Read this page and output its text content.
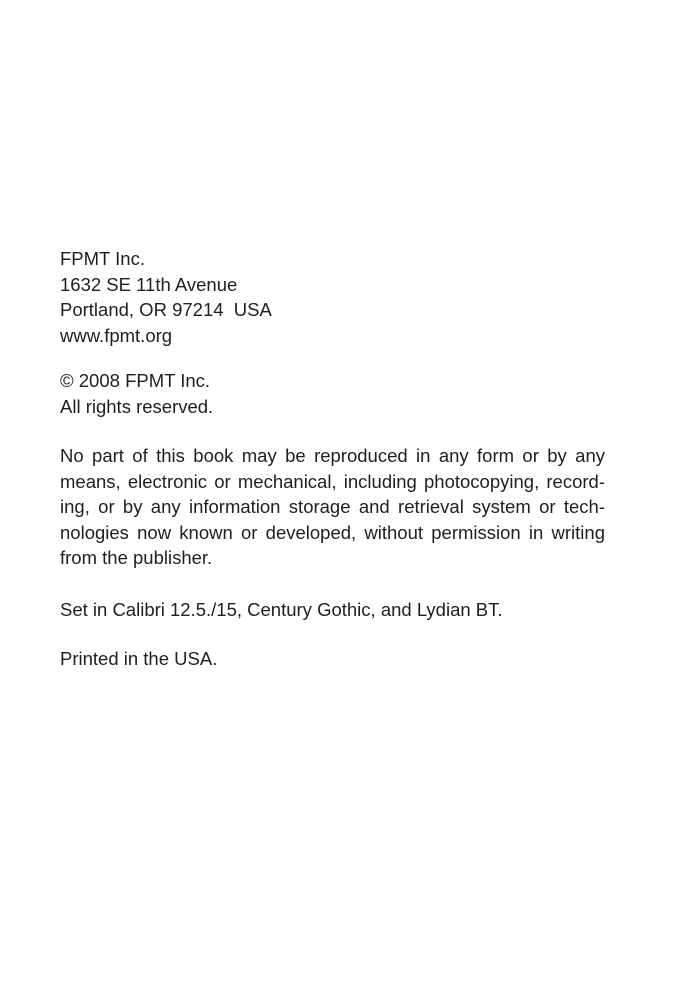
FPMT Inc.
1632 SE 11th Avenue
Portland, OR 97214  USA
www.fpmt.org
© 2008 FPMT Inc.
All rights reserved.
No part of this book may be reproduced in any form or by any
means, electronic or mechanical, including photocopying, record-
ing, or by any information storage and retrieval system or tech-
nologies now known or developed, without permission in writing
from the publisher.
Set in Calibri 12.5./15, Century Gothic, and Lydian BT.
Printed in the USA.
